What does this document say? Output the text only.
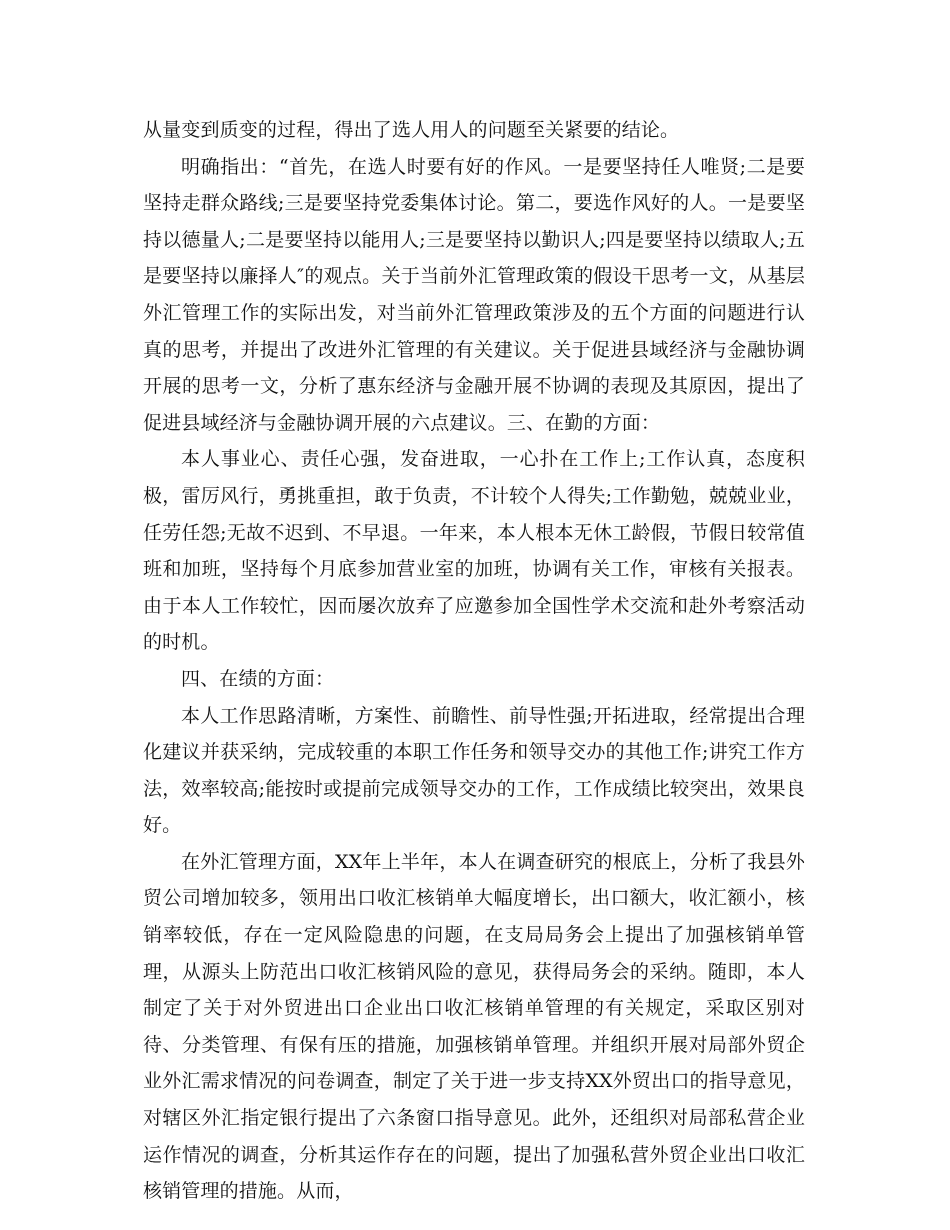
从量变到质变的过程，得出了选人用人的问题至关紧要的结论。

明确指出：“首先，在选人时要有好的作风。一是要坚持任人唯贤;二是要坚持走群众路线;三是要坚持党委集体讨论。第二，要选作风好的人。一是要坚持以德量人;二是要坚持以能用人;三是要坚持以勤识人;四是要坚持以绩取人;五是要坚持以廉择人″的观点。关于当前外汇管理政策的假设干思考一文，从基层外汇管理工作的实际出发，对当前外汇管理政策涉及的五个方面的问题进行认真的思考，并提出了改进外汇管理的有关建议。关于促进县域经济与金融协调开展的思考一文，分析了惠东经济与金融开展不协调的表现及其原因，提出了促进县域经济与金融协调开展的六点建议。三、在勤的方面：

本人事业心、责任心强，发奋进取，一心扑在工作上;工作认真，态度积极，雷厉风行，勇挑重担，敢于负责，不计较个人得失;工作勤勉，兢兢业业，任劳任怨;无故不迟到、不早退。一年来，本人根本无休工龄假，节假日较常值班和加班，坚持每个月底参加营业室的加班，协调有关工作，审核有关报表。由于本人工作较忙，因而屡次放弃了应邀参加全国性学术交流和赴外考察活动的时机。

四、在绩的方面：

本人工作思路清晰，方案性、前瞻性、前导性强;开拓进取，经常提出合理化建议并获采纳，完成较重的本职工作任务和领导交办的其他工作;讲究工作方法，效率较高;能按时或提前完成领导交办的工作，工作成绩比较突出，效果良好。

在外汇管理方面，XX年上半年，本人在调查研究的根底上，分析了我县外贸公司增加较多，领用出口收汇核销单大幅度增长，出口额大，收汇额小，核销率较低，存在一定风险隐患的问题，在支局局务会上提出了加强核销单管理，从源头上防范出口收汇核销风险的意见，获得局务会的采纳。随即，本人制定了关于对外贸进出口企业出口收汇核销单管理的有关规定，采取区别对待、分类管理、有保有压的措施，加强核销单管理。并组织开展对局部外贸企业外汇需求情况的问卷调查，制定了关于进一步支持XX外贸出口的指导意见，对辖区外汇指定银行提出了六条窗口指导意见。此外，还组织对局部私营企业运作情况的调查，分析其运作存在的问题，提出了加强私营外贸企业出口收汇核销管理的措施。从而，
